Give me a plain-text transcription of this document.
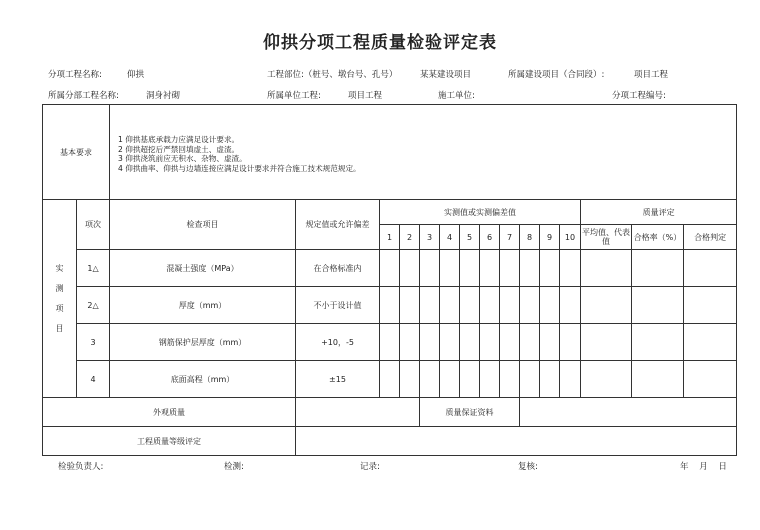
仰拱分项工程质量检验评定表
分项工程名称:	仰拱	工程部位:（桩号、墩台号、孔号）	某某建设项目	所属建设项目（合同段）:	项目工程
所属分部工程名称:	洞身衬砌	所属单位工程:	项目工程	施工单位:	分项工程编号:
基本要求		1 仰拱基底承载力应满足设计要求。
2 仰拱超挖后严禁回填虚土、虚渣。
3 仰拱浇筑前应无积水、杂物、虚渣。
4 仰拱曲率、仰拱与边墙连接应满足设计要求并符合施工技术规范规定。														

实
测
项
目	项次	检查项目	规定值或允许偏差	实测值或实测偏差值										质量评定		
				1	2	3	4	5	6	7	8	9	10	平均值、代表值	合格率（%）	合格判定
	1△	混凝土强度（MPa）	在合格标准内													
	2△	厚度（mm）	不小于设计值													
	3	钢筋保护层厚度（mm）	+10，-5													
	4	底面高程（mm）	±15													
外观质量						质量保证资料										
工程质量等级评定																
检验负责人:	检测:	记录:	复核:	年 月 日
